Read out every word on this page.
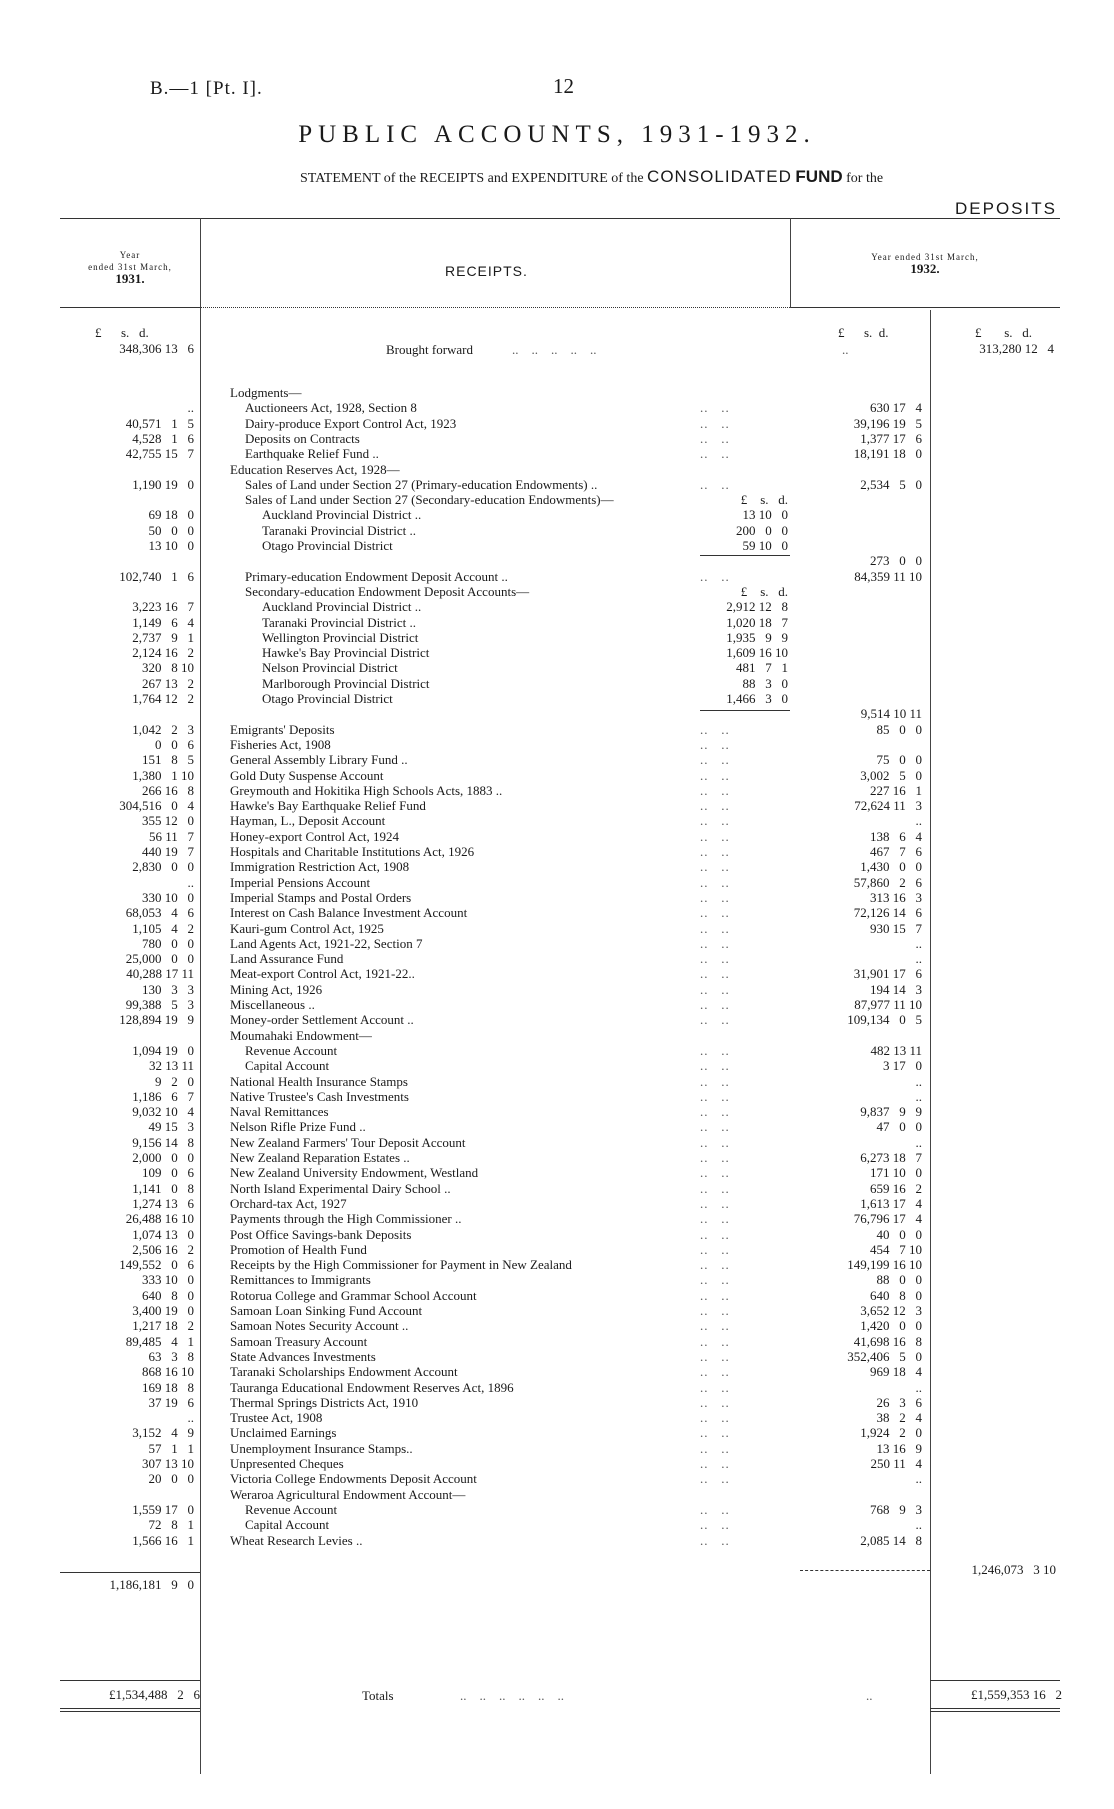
B.—1 [Pt. I].	12
PUBLIC ACCOUNTS, 1931-1932.
STATEMENT of the RECEIPTS and EXPENDITURE of the CONSOLIDATED FUND for the
DEPOSITS
Year
ended 31st March,
1931.	RECEIPTS.
Year ended 31st March,
1932.
£      s.   d.	£      s.  d.	£       s.   d.
348,306 13   6	Brought forward	..    ..    ..    ..    ..	..	313,280 12   4
Lodgments—
..	Auctioneers Act, 1928, Section 8	..   ..	630 17   4
40,571   1   5	Dairy-produce Export Control Act, 1923	..   ..	39,196 19   5
4,528   1   6	Deposits on Contracts	..   ..	1,377 17   6
42,755 15   7	Earthquake Relief Fund ..	..   ..	18,191 18   0
Education Reserves Act, 1928—
1,190 19   0	Sales of Land under Section 27 (Primary-education Endowments) ..	..   ..	2,534   5   0
Sales of Land under Section 27 (Secondary-education Endowments)—	£    s.   d.
69 18   0	Auckland Provincial District ..	13 10   0
50   0   0	Taranaki Provincial District ..	200   0   0
13 10   0	Otago Provincial District	59 10   0
273   0   0
102,740   1   6	Primary-education Endowment Deposit Account ..	..   ..	84,359 11 10
Secondary-education Endowment Deposit Accounts—	£    s.   d.
3,223 16   7	Auckland Provincial District ..	2,912 12   8
1,149   6   4	Taranaki Provincial District ..	1,020 18   7
2,737   9   1	Wellington Provincial District	1,935   9   9
2,124 16   2	Hawke's Bay Provincial District	1,609 16 10
320   8 10	Nelson Provincial District	481   7   1
267 13   2	Marlborough Provincial District	88   3   0
1,764 12   2	Otago Provincial District	1,466   3   0
9,514 10 11
1,042   2   3	Emigrants' Deposits	..   ..	85   0   0
0   0   6	Fisheries Act, 1908	..   ..
151   8   5	General Assembly Library Fund ..	..   ..	75   0   0
1,380   1 10	Gold Duty Suspense Account	..   ..	3,002   5   0
266 16   8	Greymouth and Hokitika High Schools Acts, 1883 ..	..   ..	227 16   1
304,516   0   4	Hawke's Bay Earthquake Relief Fund	..   ..	72,624 11   3
355 12   0	Hayman, L., Deposit Account	..   ..	..
56 11   7	Honey-export Control Act, 1924	..   ..	138   6   4
440 19   7	Hospitals and Charitable Institutions Act, 1926	..   ..	467   7   6
2,830   0   0	Immigration Restriction Act, 1908	..   ..	1,430   0   0
..	Imperial Pensions Account	..   ..	57,860   2   6
330 10   0	Imperial Stamps and Postal Orders	..   ..	313 16   3
68,053   4   6	Interest on Cash Balance Investment Account	..   ..	72,126 14   6
1,105   4   2	Kauri-gum Control Act, 1925	..   ..	930 15   7
780   0   0	Land Agents Act, 1921-22, Section 7	..   ..	..
25,000   0   0	Land Assurance Fund	..   ..	..
40,288 17 11	Meat-export Control Act, 1921-22..	..   ..	31,901 17   6
130   3   3	Mining Act, 1926	..   ..	194 14   3
99,388   5   3	Miscellaneous ..	..   ..	87,977 11 10
128,894 19   9	Money-order Settlement Account ..	..   ..	109,134   0   5
Moumahaki Endowment—
1,094 19   0	Revenue Account	..   ..	482 13 11
32 13 11	Capital Account	..   ..	3 17   0
9   2   0	National Health Insurance Stamps	..   ..	..
1,186   6   7	Native Trustee's Cash Investments	..   ..	..
9,032 10   4	Naval Remittances	..   ..	9,837   9   9
49 15   3	Nelson Rifle Prize Fund ..	..   ..	47   0   0
9,156 14   8	New Zealand Farmers' Tour Deposit Account	..   ..	..
2,000   0   0	New Zealand Reparation Estates ..	..   ..	6,273 18   7
109   0   6	New Zealand University Endowment, Westland	..   ..	171 10   0
1,141   0   8	North Island Experimental Dairy School ..	..   ..	659 16   2
1,274 13   6	Orchard-tax Act, 1927	..   ..	1,613 17   4
26,488 16 10	Payments through the High Commissioner ..	..   ..	76,796 17   4
1,074 13   0	Post Office Savings-bank Deposits	..   ..	40   0   0
2,506 16   2	Promotion of Health Fund	..   ..	454   7 10
149,552   0   6	Receipts by the High Commissioner for Payment in New Zealand	..   ..	149,199 16 10
333 10   0	Remittances to Immigrants	..   ..	88   0   0
640   8   0	Rotorua College and Grammar School Account	..   ..	640   8   0
3,400 19   0	Samoan Loan Sinking Fund Account	..   ..	3,652 12   3
1,217 18   2	Samoan Notes Security Account ..	..   ..	1,420   0   0
89,485   4   1	Samoan Treasury Account	..   ..	41,698 16   8
63   3   8	State Advances Investments	..   ..	352,406   5   0
868 16 10	Taranaki Scholarships Endowment Account	..   ..	969 18   4
169 18   8	Tauranga Educational Endowment Reserves Act, 1896	..   ..	..
37 19   6	Thermal Springs Districts Act, 1910	..   ..	26   3   6
..	Trustee Act, 1908	..   ..	38   2   4
3,152   4   9	Unclaimed Earnings	..   ..	1,924   2   0
57   1   1	Unemployment Insurance Stamps..	..   ..	13 16   9
307 13 10	Unpresented Cheques	..   ..	250 11   4
20   0   0	Victoria College Endowments Deposit Account	..   ..	..
Weraroa Agricultural Endowment Account—
1,559 17   0	Revenue Account	..   ..	768   9   3
72   8   1	Capital Account	..   ..	..
1,566 16   1	Wheat Research Levies ..	..   ..	2,085 14   8
1,186,181   9   0
1,246,073   3 10
£1,534,488   2   6	Totals	..    ..    ..    ..    ..    ..	..	£1,559,353 16   2
